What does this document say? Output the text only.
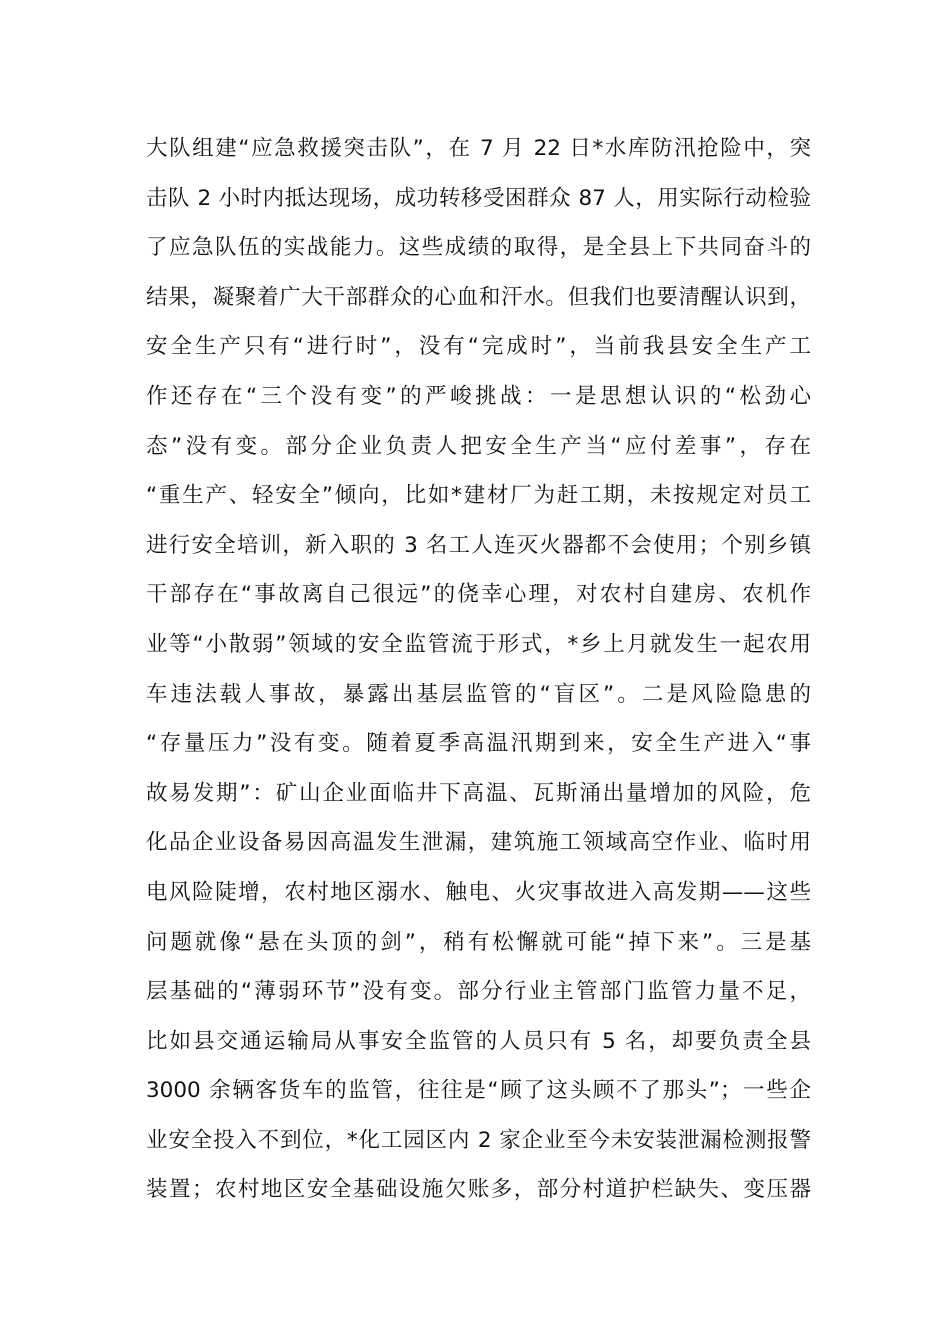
大队组建“应急救援突击队”，在 7 月 22 日*水库防汛抢险中，突
击队 2 小时内抵达现场，成功转移受困群众 87 人，用实际行动检验
了应急队伍的实战能力。这些成绩的取得，是全县上下共同奋斗的
结果，凝聚着广大干部群众的心血和汗水。但我们也要清醒认识到，
安全生产只有“进行时”，没有“完成时”，当前我县安全生产工
作还存在“三个没有变”的严峻挑战：一是思想认识的“松劲心
态”没有变。部分企业负责人把安全生产当“应付差事”，存在
“重生产、轻安全”倾向，比如*建材厂为赶工期，未按规定对员工
进行安全培训，新入职的 3 名工人连灭火器都不会使用；个别乡镇
干部存在“事故离自己很远”的侥幸心理，对农村自建房、农机作
业等“小散弱”领域的安全监管流于形式，*乡上月就发生一起农用
车违法载人事故，暴露出基层监管的“盲区”。二是风险隐患的
“存量压力”没有变。随着夏季高温汛期到来，安全生产进入“事
故易发期”：矿山企业面临井下高温、瓦斯涌出量增加的风险，危
化品企业设备易因高温发生泄漏，建筑施工领域高空作业、临时用
电风险陡增，农村地区溺水、触电、火灾事故进入高发期——这些
问题就像“悬在头顶的剑”，稍有松懈就可能“掉下来”。三是基
层基础的“薄弱环节”没有变。部分行业主管部门监管力量不足，
比如县交通运输局从事安全监管的人员只有 5 名，却要负责全县
3000 余辆客货车的监管，往往是“顾了这头顾不了那头”；一些企
业安全投入不到位，*化工园区内 2 家企业至今未安装泄漏检测报警
装置；农村地区安全基础设施欠账多，部分村道护栏缺失、变压器
